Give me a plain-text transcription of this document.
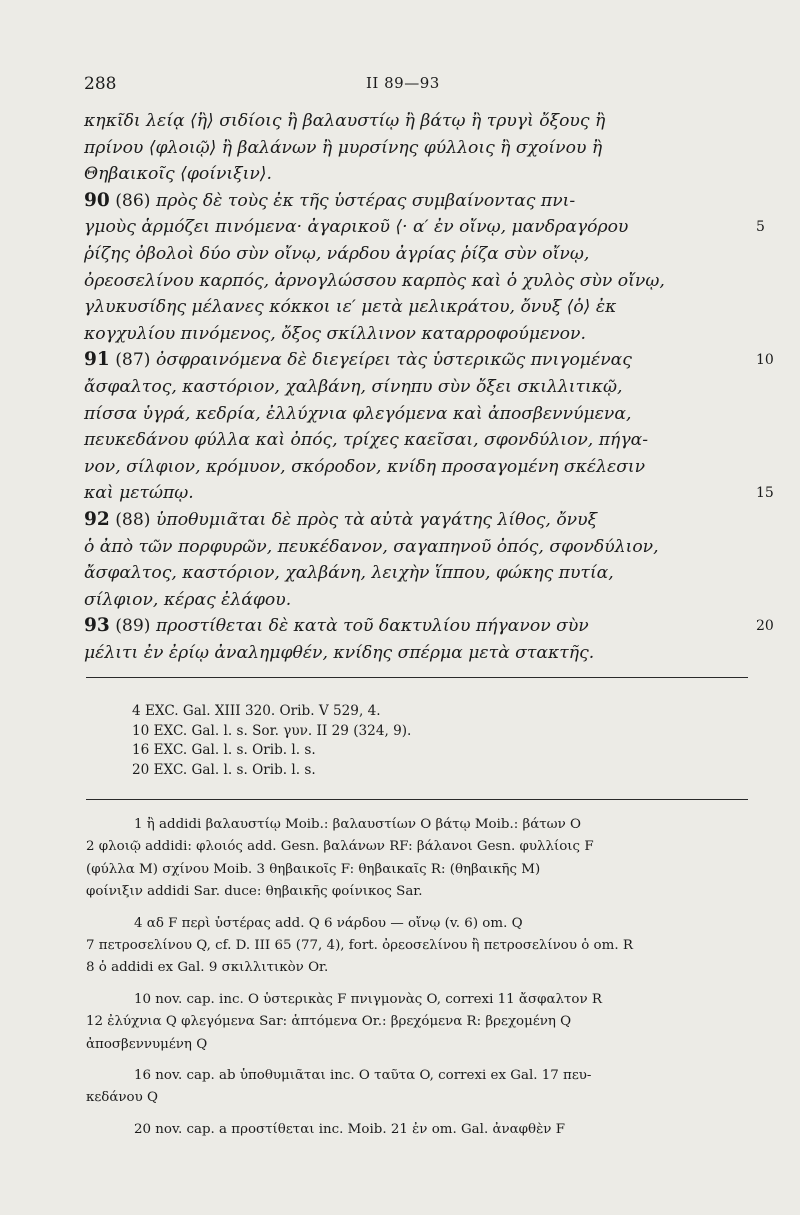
288	II 89—93
κηκῖδι λείᾳ ⟨ἢ⟩ σιδίοις ἢ βαλαυστίῳ ἢ βάτῳ ἢ τρυγὶ ὄξους ἢ
πρίνου ⟨φλοιῷ⟩ ἢ βαλάνων ἢ μυρσίνης φύλλοις ἢ σχοίνου ἢ
Θηβαικοῖς ⟨φοίνιξιν⟩.
90 (86) πρὸς δὲ τοὺς ἐκ τῆς ὑστέρας συμβαίνοντας πνι-
γμοὺς ἁρμόζει πινόμενα· ἀγαρικοῦ ⟨· α′ ἐν οἴνῳ, μανδραγόρου	5
ῥίζης ὀβολοὶ δύο σὺν οἴνῳ, νάρδου ἀγρίας ῥίζα σὺν οἴνῳ,
ὀρεοσελίνου καρπός, ἀρνογλώσσου καρπὸς καὶ ὁ χυλὸς σὺν οἴνῳ,
γλυκυσίδης μέλανες κόκκοι ιε′ μετὰ μελικράτου, ὄνυξ ⟨ὁ⟩ ἐκ
κογχυλίου πινόμενος, ὄξος σκίλλινον καταρροφούμενον.
91 (87) ὀσφραινόμενα δὲ διεγείρει τὰς ὑστερικῶς πνιγομένας	10
ἄσφαλτος, καστόριον, χαλβάνη, σίνηπυ σὺν ὄξει σκιλλιτικῷ,
πίσσα ὑγρά, κεδρία, ἐλλύχνια φλεγόμενα καὶ ἀποσβεννύμενα,
πευκεδάνου φύλλα καὶ ὀπός, τρίχες καεῖσαι, σφονδύλιον, πήγα-
νον, σίλφιον, κρόμυον, σκόροδον, κνίδη προσαγομένη σκέλεσιν
καὶ μετώπῳ.	15
92 (88) ὑποθυμιᾶται δὲ πρὸς τὰ αὐτὰ γαγάτης λίθος, ὄνυξ
ὁ ἀπὸ τῶν πορφυρῶν, πευκέδανον, σαγαπηνοῦ ὀπός, σφονδύλιον,
ἄσφαλτος, καστόριον, χαλβάνη, λειχὴν ἵππου, φώκης πυτία,
σίλφιον, κέρας ἐλάφου.
93 (89) προστίθεται δὲ κατὰ τοῦ δακτυλίου πήγανον σὺν	20
μέλιτι ἐν ἐρίῳ ἀναλημφθέν, κνίδης σπέρμα μετὰ στακτῆς.
4 EXC. Gal. XIII 320. Orib. V 529, 4.
10 EXC. Gal. l. s. Sor. γυν. II 29 (324, 9).
16 EXC. Gal. l. s. Orib. l. s.
20 EXC. Gal. l. s. Orib. l. s.
1 ἢ addidi βαλαυστίῳ Moib.: βαλαυστίων O βάτῳ Moib.: βάτων O
2 φλοιῷ addidi: φλοιός add. Gesn. βαλάνων RF: βάλανοι Gesn. φυλλίοις F
(φύλλα M) σχίνου Moib. 3 θηβαικοῖς F: θηβαικαῖς R: (θηβαικῆς M)
φοίνιξιν addidi Sar. duce: θηβαικῆς φοίνικος Sar.
4 αδ F περὶ ὑστέρας add. Q 6 νάρδου — οἴνῳ (v. 6) om. Q
7 πετροσελίνου Q, cf. D. III 65 (77, 4), fort. ὀρεοσελίνου ἢ πετροσελίνου ὁ om. R
8 ὁ addidi ex Gal. 9 σκιλλιτικὸν Or.
10 nov. cap. inc. O ὑστερικὰς F πνιγμονὰς O, correxi 11 ἄσφαλτον R
12 ἐλύχνια Q φλεγόμενα Sar: ἁπτόμενα Or.: βρεχόμενα R: βρεχομένη Q
ἀποσβεννυμένη Q
16 nov. cap. ab ὑποθυμιᾶται inc. O ταῦτα O, correxi ex Gal. 17 πευ-
κεδάνου Q
20 nov. cap. a προστίθεται inc. Moib. 21 ἐν om. Gal. ἀναφθὲν F
